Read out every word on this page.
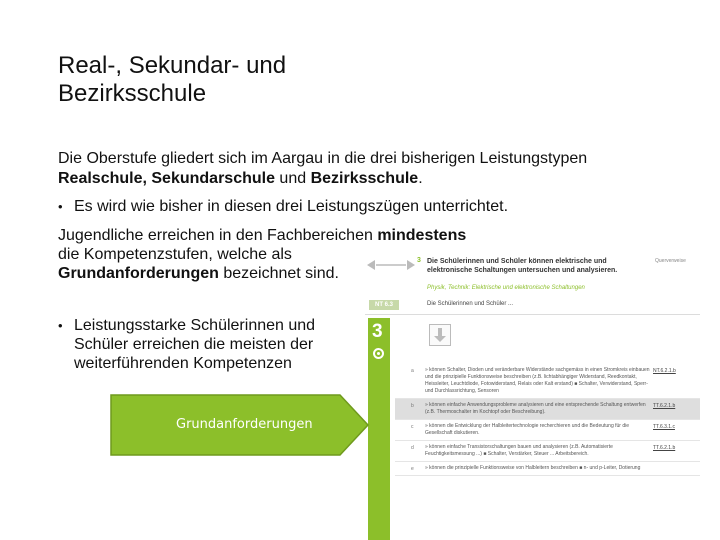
Real-, Sekundar- und Bezirksschule

Die Oberstufe gliedert sich im Aargau in die drei bisherigen Leistungstypen Realschule, Sekundarschule und Bezirksschule.

• Es wird wie bisher in diesen drei Leistungszügen unterrichtet.

Jugendliche erreichen in den Fachbereichen mindestens
die Kompetenzstufen, welche als
Grundanforderungen bezeichnet sind.

• Leistungsstarke Schülerinnen und Schüler erreichen die meisten der weiterführenden Kompetenzen
3 Die Schülerinnen und Schüler können elektrische und elektronische Schaltungen untersuchen und analysieren.
Querverweise
Physik, Technik: Elektrische und elektronische Schaltungen
NT 6.3	Die Schülerinnen und Schüler ...
3
a » können Schalter, Dioden und veränderbare Widerstände sachgemäss in einen Stromkreis einbauen und die prinzipielle Funktionsweise beschreiben (z.B. lichtabhängiger Widerstand, Reedkontakt, Heissleiter, Leuchtdiode, Fotowiderstand, Relais oder Kalt erstand) ■ Schalter, Verwiderstand, Sperr- und Durchlassrichtung, Sensoren
NT.6.2.1.b
b » können einfache Anwendungsprobleme analysieren und eine entsprechende Schaltung entwerfen (z.B. Thermoschalter im Kochtopf oder Beschreibung).
TT.6.2.1.b
c » können die Entwicklung der Halbleitertechnologie recherchieren und die Bedeutung für die Gesellschaft diskutieren.
TT.6.3.1.c
d » können einfache Transistorschaltungen bauen und analysieren (z.B. Automatisierte Feuchtigkeitsmessung ...) ■ Schalter, Verstärker, Steuer ... Arbeitsbereich.
TT.6.2.1.b
e » können die prinzipielle Funktionsweise von Halbleitern beschreiben ■ n- und p-Leiter, Dotierung
Grundanforderungen
